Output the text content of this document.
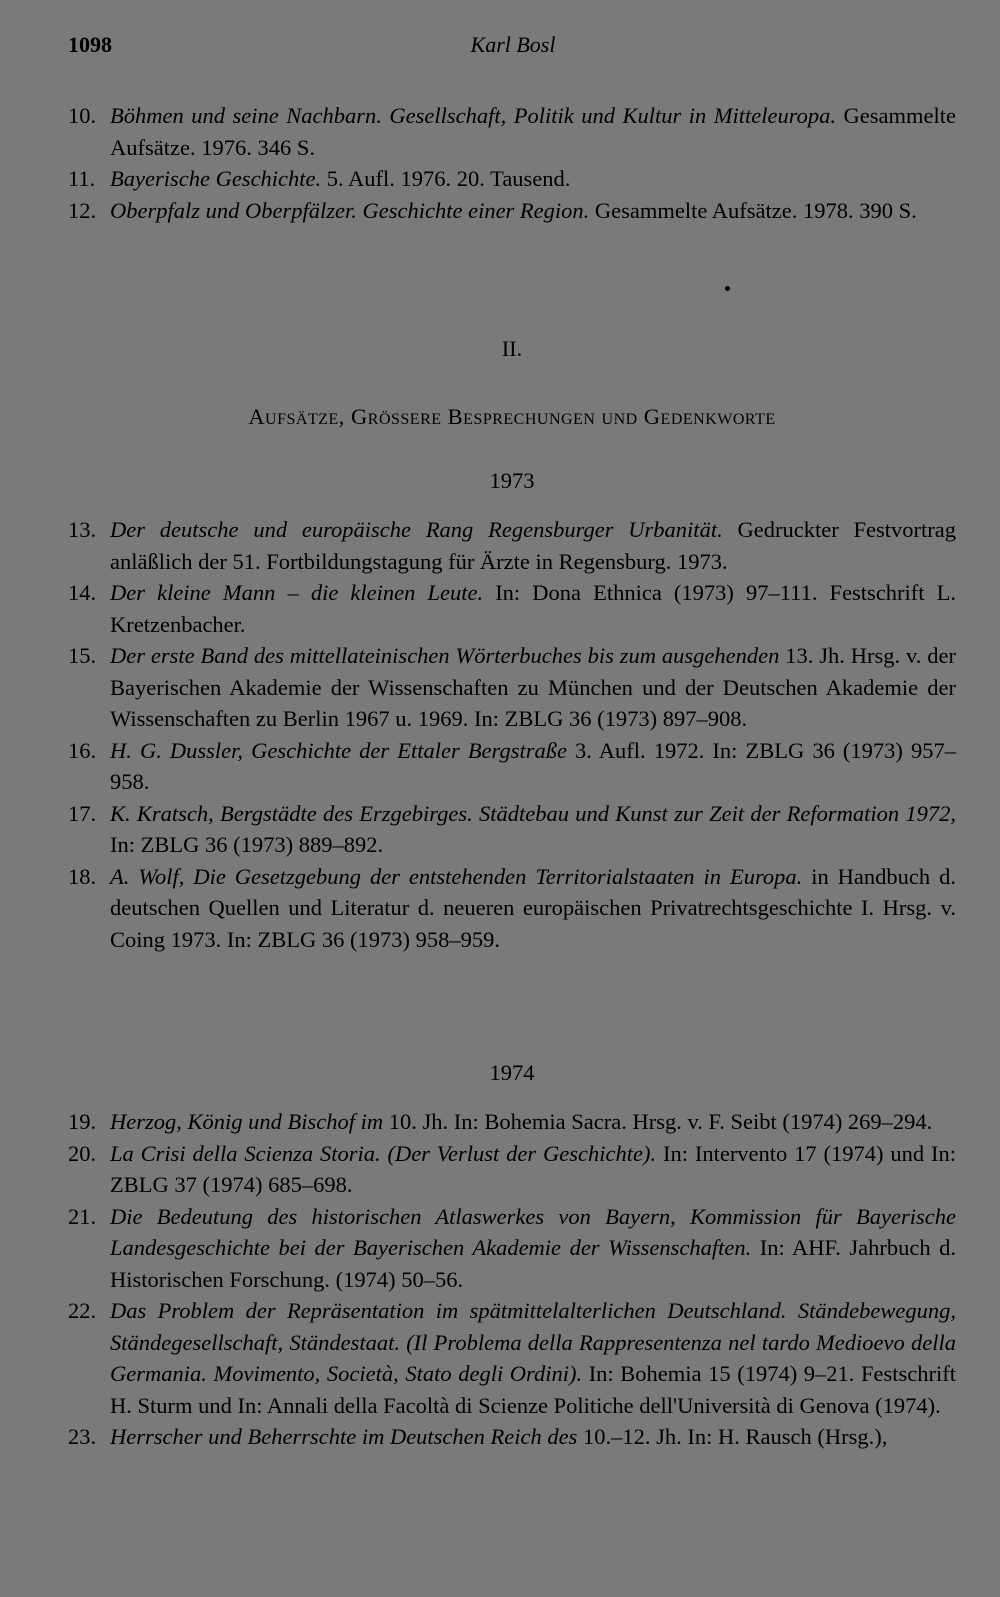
1098	Karl Bosl
10. Böhmen und seine Nachbarn. Gesellschaft, Politik und Kultur in Mitteleuropa. Gesammelte Aufsätze. 1976. 346 S.
11. Bayerische Geschichte. 5. Aufl. 1976. 20. Tausend.
12. Oberpfalz und Oberpfälzer. Geschichte einer Region. Gesammelte Aufsätze. 1978. 390 S.
II.
Aufsätze, Grössere Besprechungen und Gedenkworte
1973
13. Der deutsche und europäische Rang Regensburger Urbanität. Gedruckter Festvortrag anläßlich der 51. Fortbildungstagung für Ärzte in Regensburg. 1973.
14. Der kleine Mann – die kleinen Leute. In: Dona Ethnica (1973) 97–111. Festschrift L. Kretzenbacher.
15. Der erste Band des mittellateinischen Wörterbuches bis zum ausgehenden 13. Jh. Hrsg. v. der Bayerischen Akademie der Wissenschaften zu München und der Deutschen Akademie der Wissenschaften zu Berlin 1967 u. 1969. In: ZBLG 36 (1973) 897–908.
16. H. G. Dussler, Geschichte der Ettaler Bergstraße 3. Aufl. 1972. In: ZBLG 36 (1973) 957–958.
17. K. Kratsch, Bergstädte des Erzgebirges. Städtebau und Kunst zur Zeit der Reformation 1972, In: ZBLG 36 (1973) 889–892.
18. A. Wolf, Die Gesetzgebung der entstehenden Territorialstaaten in Europa. in Handbuch d. deutschen Quellen und Literatur d. neueren europäischen Privatrechtsgeschichte I. Hrsg. v. Coing 1973. In: ZBLG 36 (1973) 958–959.
1974
19. Herzog, König und Bischof im 10. Jh. In: Bohemia Sacra. Hrsg. v. F. Seibt (1974) 269–294.
20. La Crisi della Scienza Storia. (Der Verlust der Geschichte). In: Intervento 17 (1974) und In: ZBLG 37 (1974) 685–698.
21. Die Bedeutung des historischen Atlaswerkes von Bayern, Kommission für Bayerische Landesgeschichte bei der Bayerischen Akademie der Wissenschaften. In: AHF. Jahrbuch d. Historischen Forschung. (1974) 50–56.
22. Das Problem der Repräsentation im spätmittelalterlichen Deutschland. Ständebewegung, Ständegesellschaft, Ständestaat. (Il Problema della Rappresentenza nel tardo Medioevo della Germania. Movimento, Società, Stato degli Ordini). In: Bohemia 15 (1974) 9–21. Festschrift H. Sturm und In: Annali della Facoltà di Scienze Politiche dell'Università di Genova (1974).
23. Herrscher und Beherrschte im Deutschen Reich des 10.–12. Jh. In: H. Rausch (Hrsg.),
